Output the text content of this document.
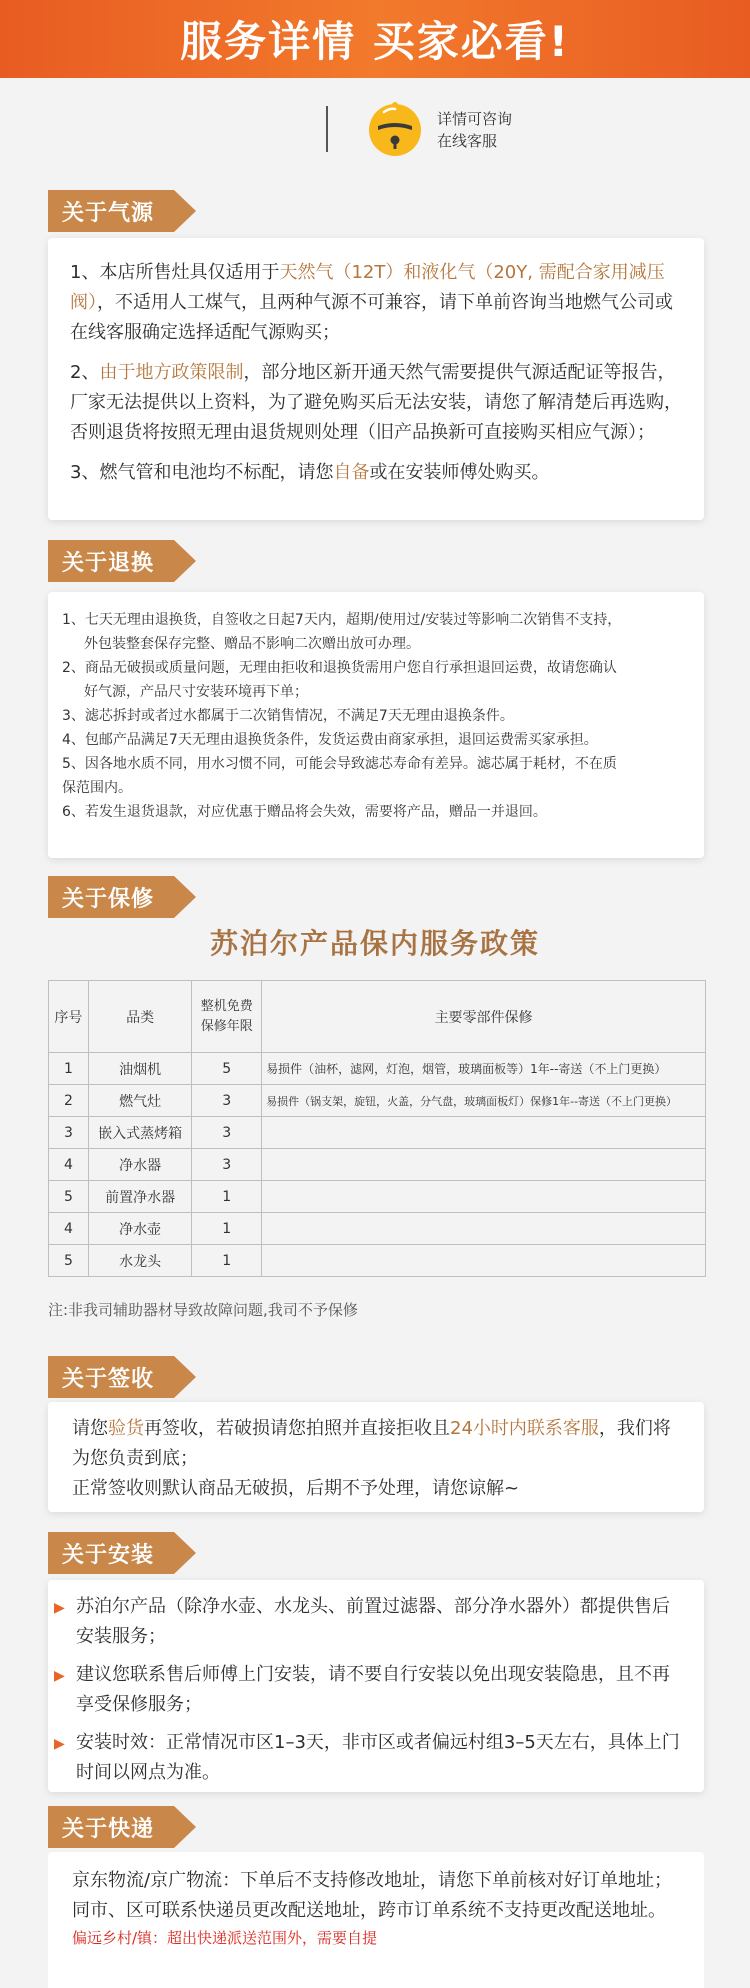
服务详情 买家必看!
详情可咨询
在线客服
关于气源

1、本店所售灶具仅适用于天然气（12T）和液化气（20Y, 需配合家用减压阀），不适用人工煤气，且两种气源不可兼容，请下单前咨询当地燃气公司或在线客服确定选择适配气源购买；

2、由于地方政策限制，部分地区新开通天然气需要提供气源适配证等报告，厂家无法提供以上资料，为了避免购买后无法安装，请您了解清楚后再选购，否则退货将按照无理由退货规则处理（旧产品换新可直接购买相应气源）；

3、燃气管和电池均不标配，请您自备或在安装师傅处购买。

关于退换

1、七天无理由退换货，自签收之日起7天内，超期/使用过/安装过等影响二次销售不支持，

外包装整套保存完整、赠品不影响二次赠出放可办理。

2、商品无破损或质量问题，无理由拒收和退换货需用户您自行承担退回运费，故请您确认

好气源，产品尺寸安装环境再下单；

3、滤芯拆封或者过水都属于二次销售情况，不满足7天无理由退换条件。

4、包邮产品满足7天无理由退换货条件，发货运费由商家承担，退回运费需买家承担。

5、因各地水质不同，用水习惯不同，可能会导致滤芯寿命有差异。滤芯属于耗材，不在质

保范围内。

6、若发生退货退款，对应优惠于赠品将会失效，需要将产品，赠品一并退回。

关于保修
苏泊尔产品保内服务政策
序号	品类	整机免费保修年限	主要零部件保修
1	油烟机	5	易损件（油杯，滤网，灯泡，烟管，玻璃面板等）1年--寄送（不上门更换）
2	燃气灶	3	易损件（锅支架，旋钮，火盖，分气盘，玻璃面板灯）保修1年--寄送（不上门更换）
3	嵌入式蒸烤箱	3	
4	净水器	3	
5	前置净水器	1	
4	净水壶	1	
5	水龙头	1	
注:非我司辅助器材导致故障问题,我司不予保修
关于签收

请您验货再签收，若破损请您拍照并直接拒收且24小时内联系客服，我们将为您负责到底；

正常签收则默认商品无破损，后期不予处理，请您谅解~

关于安装
▶ 苏泊尔产品（除净水壶、水龙头、前置过滤器、部分净水器外）都提供售后安装服务；
▶ 建议您联系售后师傅上门安装，请不要自行安装以免出现安装隐患，且不再享受保修服务；
▶ 安装时效：正常情况市区1–3天，非市区或者偏远村组3–5天左右，具体上门时间以网点为准。
关于快递

京东物流/京广物流：下单后不支持修改地址，请您下单前核对好订单地址；同市、区可联系快递员更改配送地址，跨市订单系统不支持更改配送地址。

偏远乡村/镇：超出快递派送范围外，需要自提
